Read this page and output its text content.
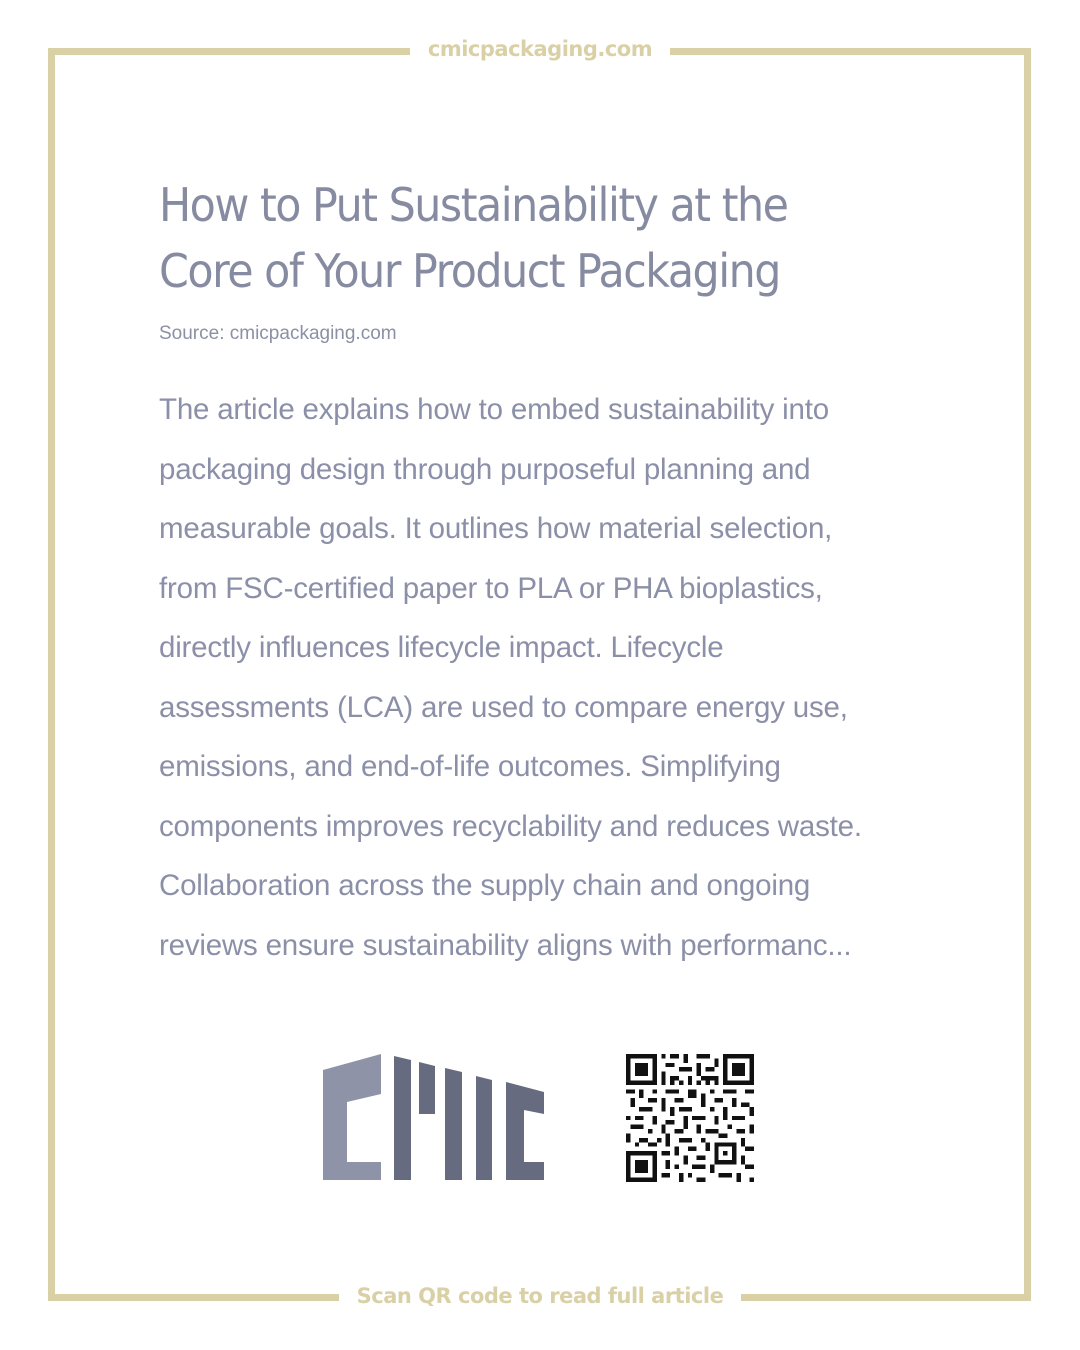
cmicpackaging.com
How to Put Sustainability at the
Core of Your Product Packaging
Source: cmicpackaging.com

The article explains how to embed sustainability into
packaging design through purposeful planning and
measurable goals. It outlines how material selection,
from FSC-certified paper to PLA or PHA bioplastics,
directly influences lifecycle impact. Lifecycle
assessments (LCA) are used to compare energy use,
emissions, and end-of-life outcomes. Simplifying
components improves recyclability and reduces waste.
Collaboration across the supply chain and ongoing
reviews ensure sustainability aligns with performanc...

Scan QR code to read full article
